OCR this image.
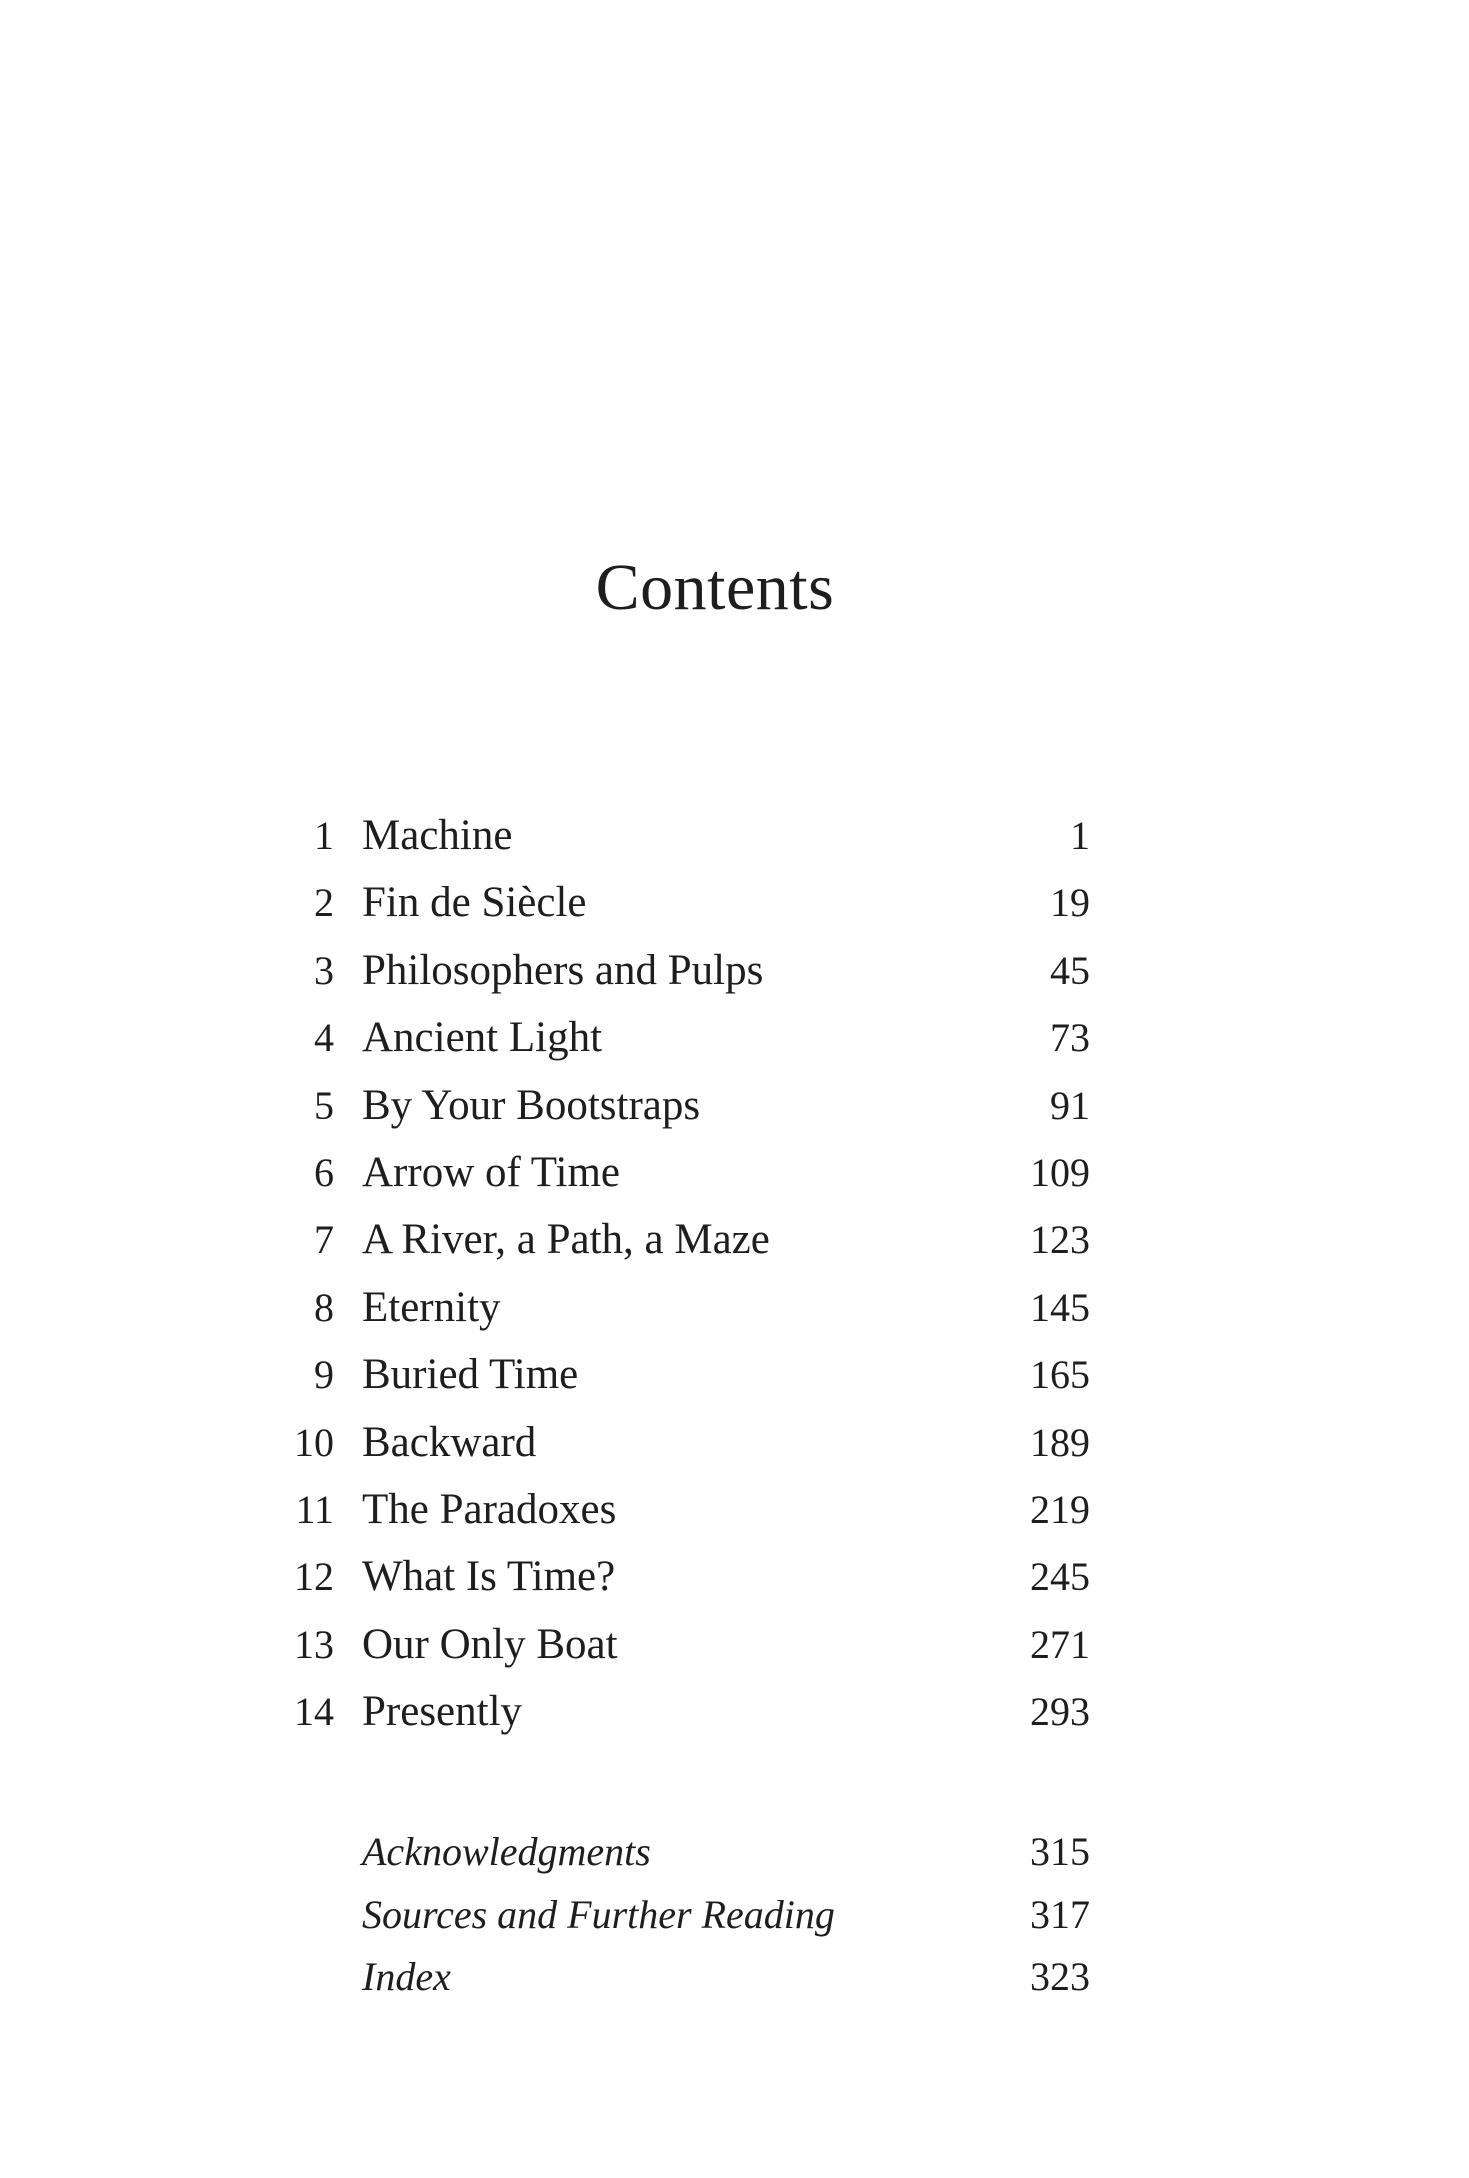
Contents
1 Machine	1
2 Fin de Siècle	19
3 Philosophers and Pulps	45
4 Ancient Light	73
5 By Your Bootstraps	91
6 Arrow of Time	109
7 A River, a Path, a Maze	123
8 Eternity	145
9 Buried Time	165
10 Backward	189
11 The Paradoxes	219
12 What Is Time?	245
13 Our Only Boat	271
14 Presently	293
Acknowledgments	315
Sources and Further Reading	317
Index	323
